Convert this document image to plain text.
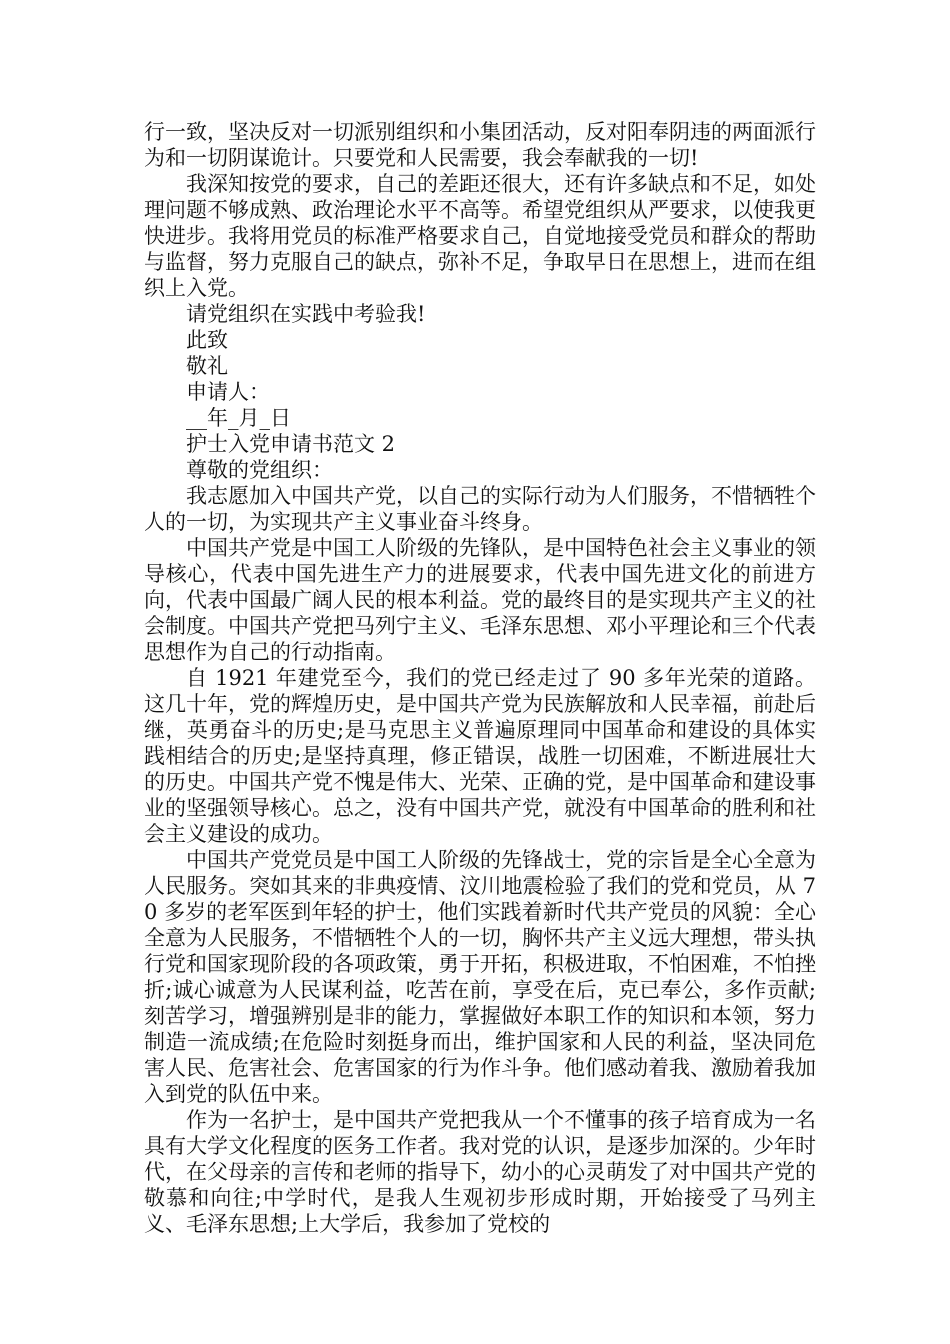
行一致，坚决反对一切派别组织和小集团活动，反对阳奉阴违的两面派行为和一切阴谋诡计。只要党和人民需要，我会奉献我的一切!

我深知按党的要求，自己的差距还很大，还有许多缺点和不足，如处理问题不够成熟、政治理论水平不高等。希望党组织从严要求，以使我更快进步。我将用党员的标准严格要求自己，自觉地接受党员和群众的帮助与监督，努力克服自己的缺点，弥补不足，争取早日在思想上，进而在组织上入党。

请党组织在实践中考验我!

此致

敬礼

申请人：

__年_月_日

护士入党申请书范文 2

尊敬的党组织：

我志愿加入中国共产党，以自己的实际行动为人们服务，不惜牺牲个人的一切，为实现共产主义事业奋斗终身。

中国共产党是中国工人阶级的先锋队，是中国特色社会主义事业的领导核心，代表中国先进生产力的进展要求，代表中国先进文化的前进方向，代表中国最广阔人民的根本利益。党的最终目的是实现共产主义的社会制度。中国共产党把马列宁主义、毛泽东思想、邓小平理论和三个代表思想作为自己的行动指南。

自 1921 年建党至今，我们的党已经走过了 90 多年光荣的道路。这几十年，党的辉煌历史，是中国共产党为民族解放和人民幸福，前赴后继，英勇奋斗的历史;是马克思主义普遍原理同中国革命和建设的具体实践相结合的历史;是坚持真理，修正错误，战胜一切困难，不断进展壮大的历史。中国共产党不愧是伟大、光荣、正确的党，是中国革命和建设事业的坚强领导核心。总之，没有中国共产党，就没有中国革命的胜利和社会主义建设的成功。

中国共产党党员是中国工人阶级的先锋战士，党的宗旨是全心全意为人民服务。突如其来的非典疫情、汶川地震检验了我们的党和党员，从 70 多岁的老军医到年轻的护士，他们实践着新时代共产党员的风貌：全心全意为人民服务，不惜牺牲个人的一切，胸怀共产主义远大理想，带头执行党和国家现阶段的各项政策，勇于开拓，积极进取，不怕困难，不怕挫折;诚心诚意为人民谋利益，吃苦在前，享受在后，克已奉公，多作贡献;刻苦学习，增强辨别是非的能力，掌握做好本职工作的知识和本领，努力制造一流成绩;在危险时刻挺身而出，维护国家和人民的利益，坚决同危害人民、危害社会、危害国家的行为作斗争。他们感动着我、激励着我加入到党的队伍中来。

作为一名护士，是中国共产党把我从一个不懂事的孩子培育成为一名具有大学文化程度的医务工作者。我对党的认识，是逐步加深的。少年时代，在父母亲的言传和老师的指导下，幼小的心灵萌发了对中国共产党的敬慕和向往;中学时代，是我人生观初步形成时期，开始接受了马列主义、毛泽东思想;上大学后，我参加了党校的
